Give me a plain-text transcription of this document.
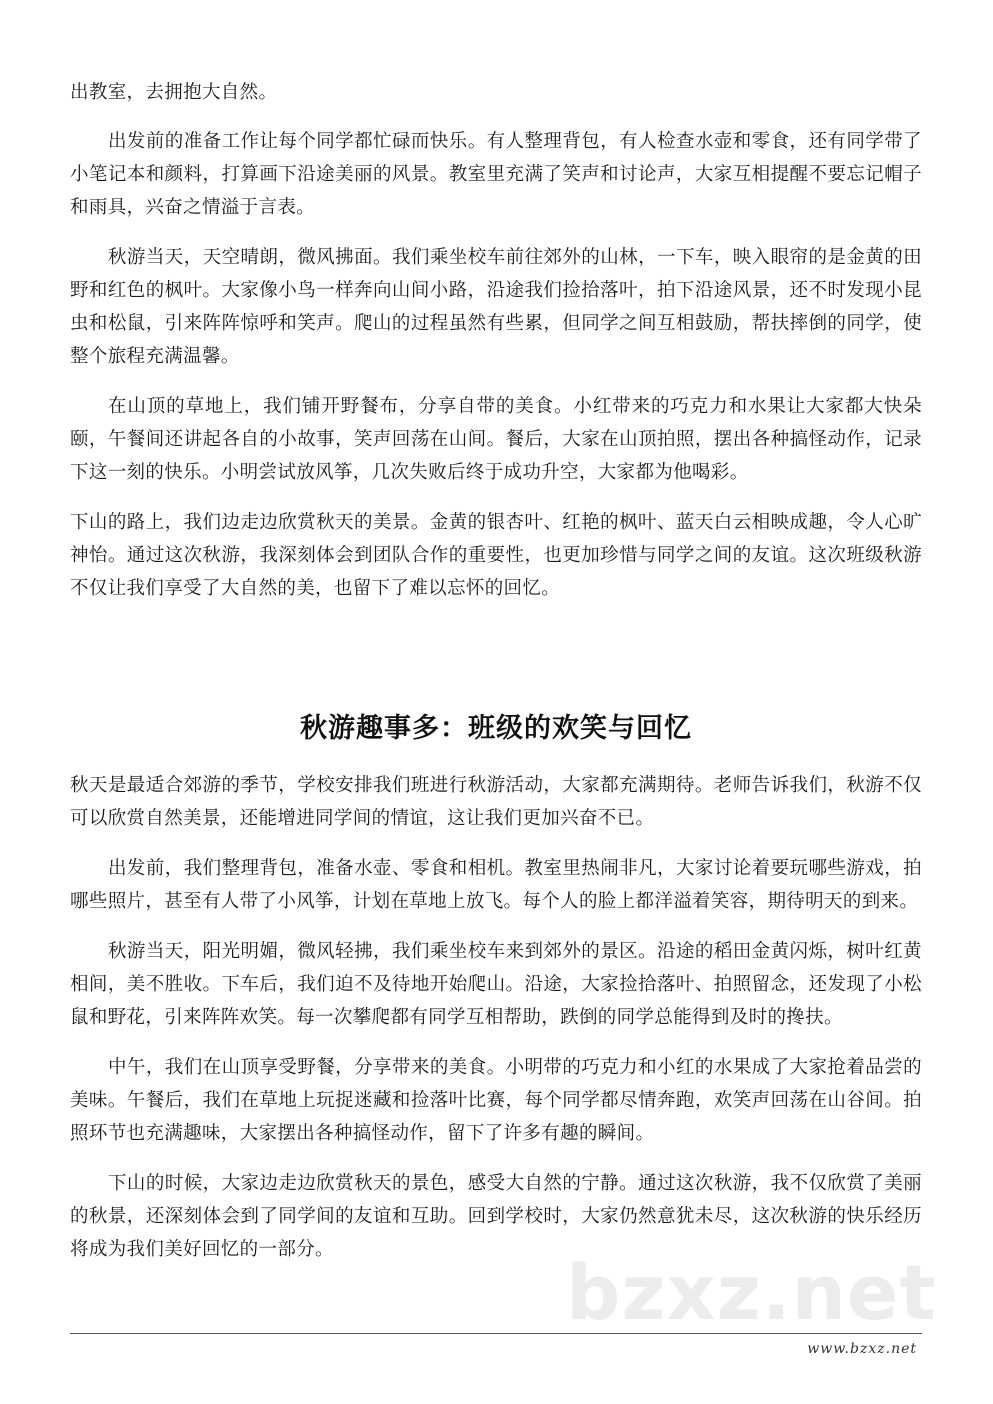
出教室，去拥抱大自然。

出发前的准备工作让每个同学都忙碌而快乐。有人整理背包，有人检查水壶和零食，还有同学带了小笔记本和颜料，打算画下沿途美丽的风景。教室里充满了笑声和讨论声，大家互相提醒不要忘记帽子和雨具，兴奋之情溢于言表。

秋游当天，天空晴朗，微风拂面。我们乘坐校车前往郊外的山林，一下车，映入眼帘的是金黄的田野和红色的枫叶。大家像小鸟一样奔向山间小路，沿途我们捡拾落叶，拍下沿途风景，还不时发现小昆虫和松鼠，引来阵阵惊呼和笑声。爬山的过程虽然有些累，但同学之间互相鼓励，帮扶摔倒的同学，使整个旅程充满温馨。

在山顶的草地上，我们铺开野餐布，分享自带的美食。小红带来的巧克力和水果让大家都大快朵颐，午餐间还讲起各自的小故事，笑声回荡在山间。餐后，大家在山顶拍照，摆出各种搞怪动作，记录下这一刻的快乐。小明尝试放风筝，几次失败后终于成功升空，大家都为他喝彩。

下山的路上，我们边走边欣赏秋天的美景。金黄的银杏叶、红艳的枫叶、蓝天白云相映成趣，令人心旷神怡。通过这次秋游，我深刻体会到团队合作的重要性，也更加珍惜与同学之间的友谊。这次班级秋游不仅让我们享受了大自然的美，也留下了难以忘怀的回忆。

秋游趣事多：班级的欢笑与回忆

秋天是最适合郊游的季节，学校安排我们班进行秋游活动，大家都充满期待。老师告诉我们，秋游不仅可以欣赏自然美景，还能增进同学间的情谊，这让我们更加兴奋不已。

出发前，我们整理背包，准备水壶、零食和相机。教室里热闹非凡，大家讨论着要玩哪些游戏，拍哪些照片，甚至有人带了小风筝，计划在草地上放飞。每个人的脸上都洋溢着笑容，期待明天的到来。

秋游当天，阳光明媚，微风轻拂，我们乘坐校车来到郊外的景区。沿途的稻田金黄闪烁，树叶红黄相间，美不胜收。下车后，我们迫不及待地开始爬山。沿途，大家捡拾落叶、拍照留念，还发现了小松鼠和野花，引来阵阵欢笑。每一次攀爬都有同学互相帮助，跌倒的同学总能得到及时的搀扶。

中午，我们在山顶享受野餐，分享带来的美食。小明带的巧克力和小红的水果成了大家抢着品尝的美味。午餐后，我们在草地上玩捉迷藏和捡落叶比赛，每个同学都尽情奔跑，欢笑声回荡在山谷间。拍照环节也充满趣味，大家摆出各种搞怪动作，留下了许多有趣的瞬间。

下山的时候，大家边走边欣赏秋天的景色，感受大自然的宁静。通过这次秋游，我不仅欣赏了美丽的秋景，还深刻体会到了同学间的友谊和互助。回到学校时，大家仍然意犹未尽，这次秋游的快乐经历将成为我们美好回忆的一部分。	bzxz.net
www.bzxz.net
